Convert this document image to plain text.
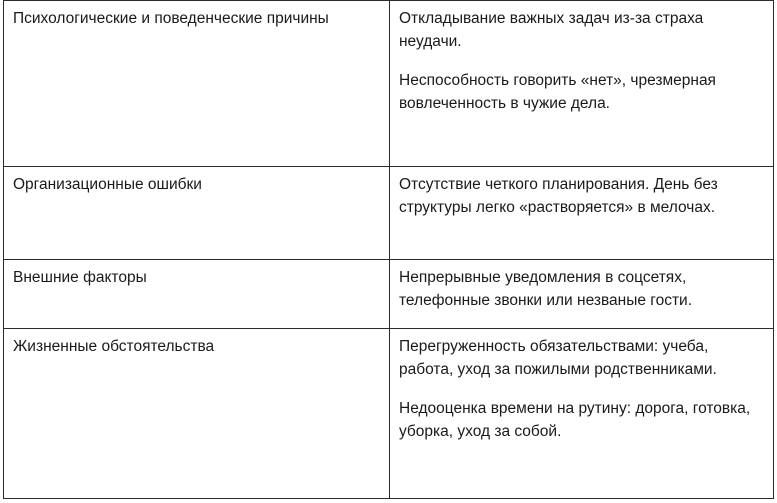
Психологические и поведенческие причины	Откладывание важных задач из-за страха неудачи.

Неспособность говорить «нет», чрезмерная вовлеченность в чужие дела.

Организационные ошибки	Отсутствие четкого планирования. День без структуры легко «растворяется» в мелочах.

Внешние факторы	Непрерывные уведомления в соцсетях, телефонные звонки или незваные гости.

Жизненные обстоятельства	Перегруженность обязательствами: учеба, работа, уход за пожилыми родственниками.

Недооценка времени на рутину: дорога, готовка, уборка, уход за собой.
